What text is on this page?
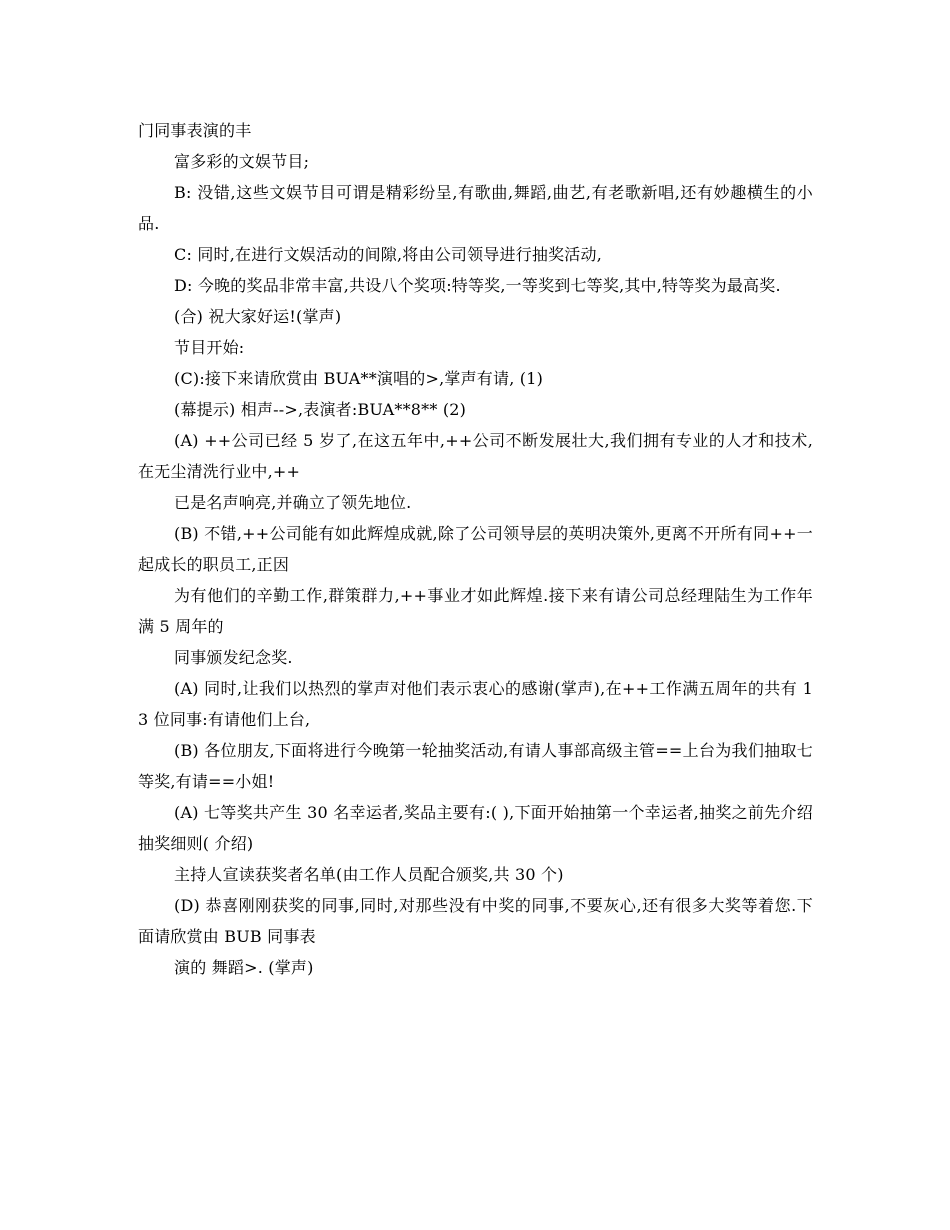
门同事表演的丰

富多彩的文娱节目;

B: 没错,这些文娱节目可谓是精彩纷呈,有歌曲,舞蹈,曲艺,有老歌新唱,还有妙趣横生的小品.

C: 同时,在进行文娱活动的间隙,将由公司领导进行抽奖活动,

D: 今晚的奖品非常丰富,共设八个奖项:特等奖,一等奖到七等奖,其中,特等奖为最高奖.

(合) 祝大家好运!(掌声)

节目开始:

(C):接下来请欣赏由 BUA**演唱的>,掌声有请, (1)

(幕提示) 相声-->,表演者:BUA**8** (2)

(A) ++公司已经 5 岁了,在这五年中,++公司不断发展壮大,我们拥有专业的人才和技术,在无尘清洗行业中,++

已是名声响亮,并确立了领先地位.

(B) 不错,++公司能有如此辉煌成就,除了公司领导层的英明决策外,更离不开所有同++一起成长的职员工,正因

为有他们的辛勤工作,群策群力,++事业才如此辉煌.接下来有请公司总经理陆生为工作年满 5 周年的

同事颁发纪念奖.

(A) 同时,让我们以热烈的掌声对他们表示衷心的感谢(掌声),在++工作满五周年的共有 13 位同事:有请他们上台,

(B) 各位朋友,下面将进行今晚第一轮抽奖活动,有请人事部高级主管==上台为我们抽取七等奖,有请==小姐!

(A) 七等奖共产生 30 名幸运者,奖品主要有:( ),下面开始抽第一个幸运者,抽奖之前先介绍抽奖细则( 介绍)

主持人宣读获奖者名单(由工作人员配合颁奖,共 30 个)

(D) 恭喜刚刚获奖的同事,同时,对那些没有中奖的同事,不要灰心,还有很多大奖等着您.下面请欣赏由 BUB 同事表

演的 舞蹈>. (掌声)
